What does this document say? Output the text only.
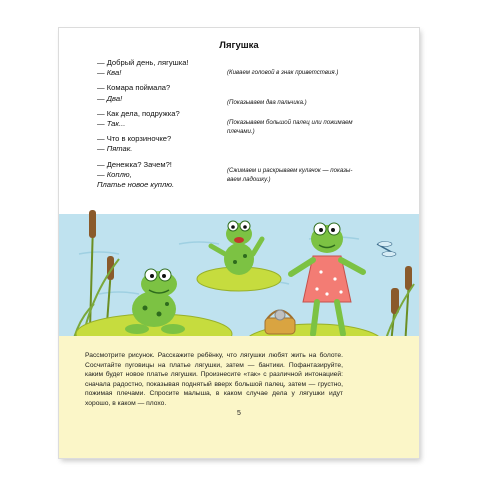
Лягушка
— Добрый день, лягушка!
— Ква!
— Комара поймала?
— Два!
— Как дела, подружка?
— Так...
— Что в корзиночке?
— Пятак.
— Денежка? Зачем?!
— Коплю,
Платье новое куплю.
(Киваем головой в знак приветствия.)
(Показываем два пальчика.)
(Показываем большой палец или пожимаем
плечами.)
(Сжимаем и раскрываем кулачок — показы-
ваем ладошку.)
Рассмотрите рисунок. Расскажите ребёнку, что лягушки любят жить на болоте. Сосчитайте пуговицы на платье лягушки, затем — бантики. Пофантазируйте, каким будет новое платье лягушки. Произнесите «так» с различной интонацией: сначала радостно, показывая поднятый вверх большой палец, затем — грустно, пожимая плечами. Спросите малыша, в каком случае дела у лягушки идут хорошо, в каком — плохо.
5
